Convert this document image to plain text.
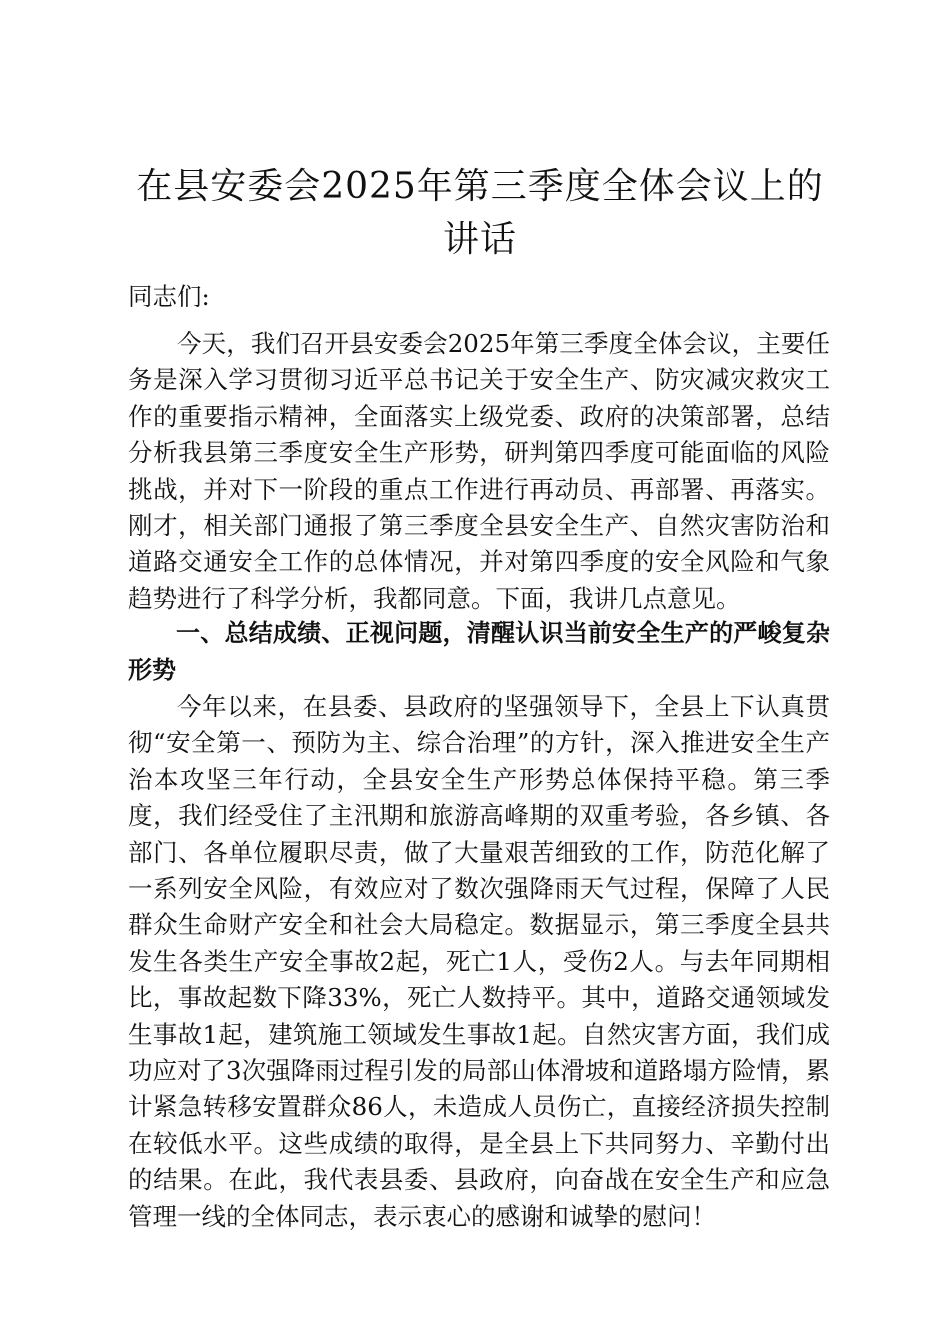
在县安委会2025年第三季度全体会议上的讲话

同志们:

今天，我们召开县安委会2025年第三季度全体会议，主要任务是深入学习贯彻习近平总书记关于安全生产、防灾减灾救灾工作的重要指示精神，全面落实上级党委、政府的决策部署，总结分析我县第三季度安全生产形势，研判第四季度可能面临的风险挑战，并对下一阶段的重点工作进行再动员、再部署、再落实。刚才，相关部门通报了第三季度全县安全生产、自然灾害防治和道路交通安全工作的总体情况，并对第四季度的安全风险和气象趋势进行了科学分析，我都同意。下面，我讲几点意见。

一、总结成绩、正视问题，清醒认识当前安全生产的严峻复杂形势

今年以来，在县委、县政府的坚强领导下，全县上下认真贯彻“安全第一、预防为主、综合治理”的方针，深入推进安全生产治本攻坚三年行动，全县安全生产形势总体保持平稳。第三季度，我们经受住了主汛期和旅游高峰期的双重考验，各乡镇、各部门、各单位履职尽责，做了大量艰苦细致的工作，防范化解了一系列安全风险，有效应对了数次强降雨天气过程，保障了人民群众生命财产安全和社会大局稳定。数据显示，第三季度全县共发生各类生产安全事故2起，死亡1人，受伤2人。与去年同期相比，事故起数下降33%，死亡人数持平。其中，道路交通领域发生事故1起，建筑施工领域发生事故1起。自然灾害方面，我们成功应对了3次强降雨过程引发的局部山体滑坡和道路塌方险情，累计紧急转移安置群众86人，未造成人员伤亡，直接经济损失控制在较低水平。这些成绩的取得，是全县上下共同努力、辛勤付出的结果。在此，我代表县委、县政府，向奋战在安全生产和应急管理一线的全体同志，表示衷心的感谢和诚挚的慰问！
